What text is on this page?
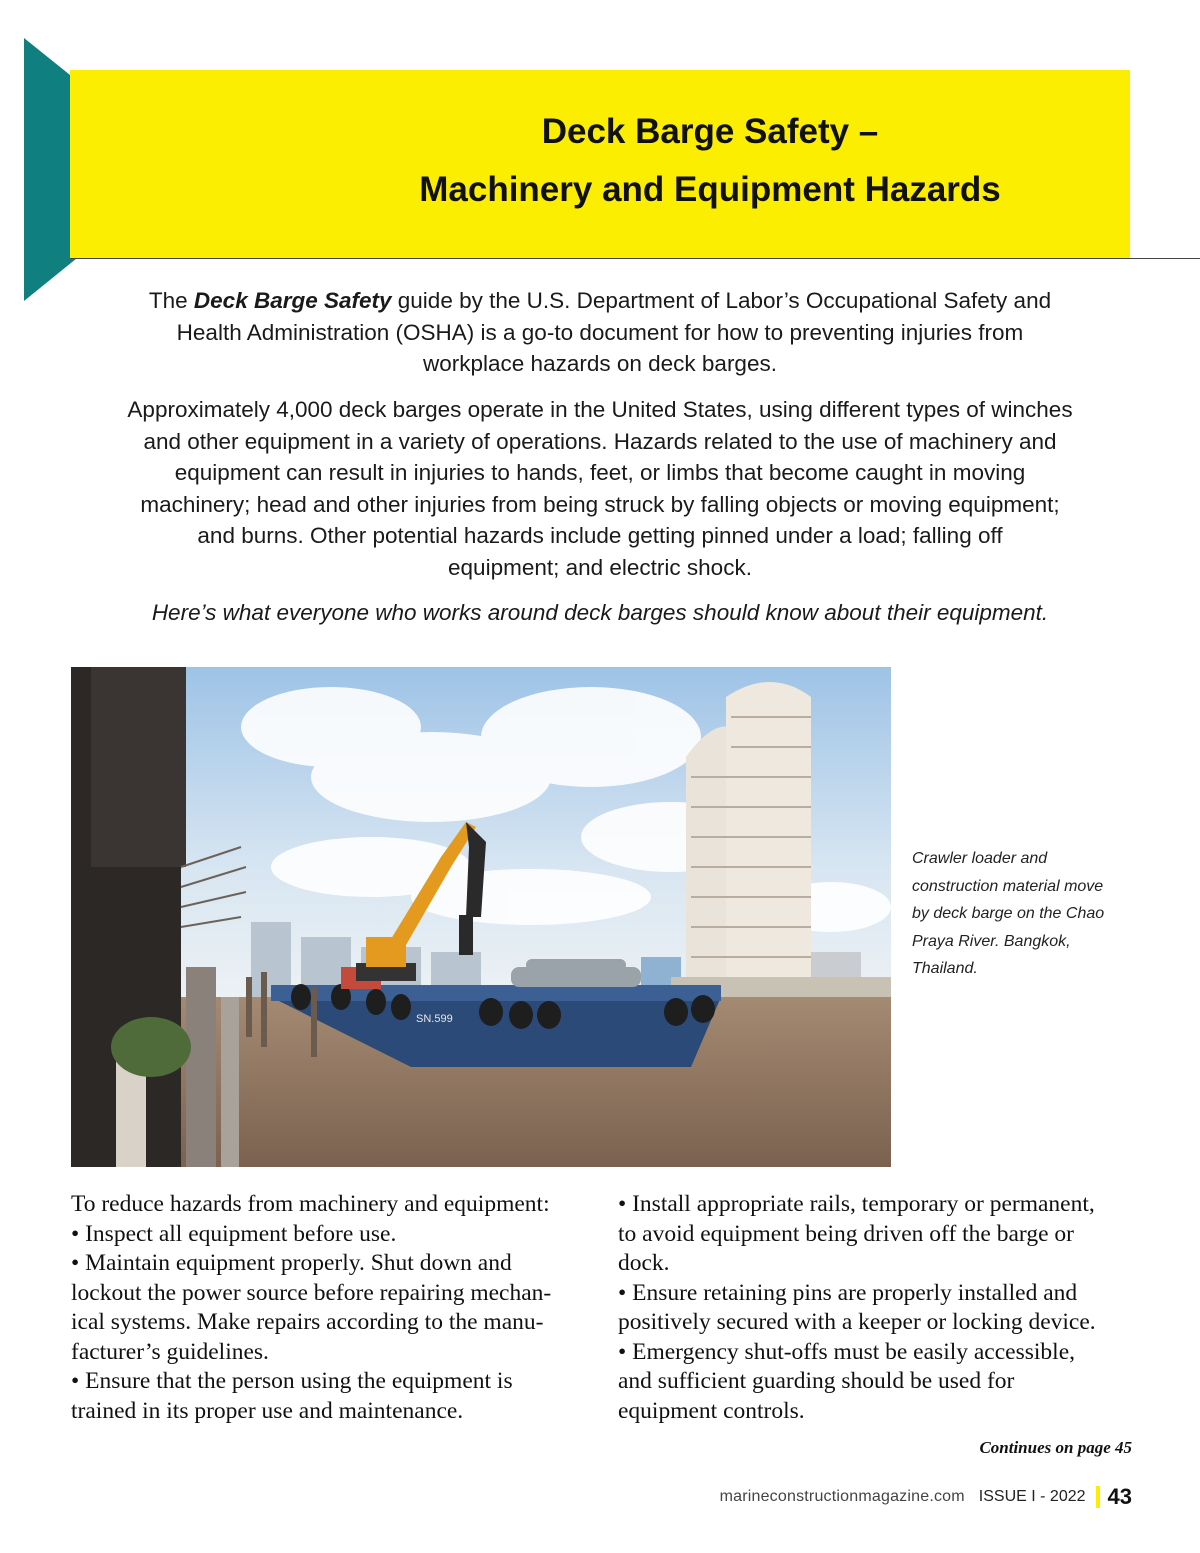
Deck Barge Safety –
Machinery and Equipment Hazards

The Deck Barge Safety guide by the U.S. Department of Labor’s Occupational Safety and

Health Administration (OSHA) is a go-to document for how to preventing injuries from

workplace hazards on deck barges.

Approximately 4,000 deck barges operate in the United States, using different types of winches

and other equipment in a variety of operations. Hazards related to the use of machinery and

equipment can result in injuries to hands, feet, or limbs that become caught in moving

machinery; head and other injuries from being struck by falling objects or moving equipment;

and burns. Other potential hazards include getting pinned under a load; falling off

equipment; and electric shock.

Here’s what everyone who works around deck barges should know about their equipment.

SN.599
Crawler loader and
construction material move
by deck barge on the Chao
Praya River. Bangkok,
Thailand.
To reduce hazards from machinery and equipment:
• Inspect all equipment before use.
• Maintain equipment properly. Shut down and
lockout the power source before repairing mechan-
ical systems. Make repairs according to the manu-
facturer’s guidelines.
• Ensure that the person using the equipment is
trained in its proper use and maintenance.
• Install appropriate rails, temporary or permanent,
to avoid equipment being driven off the barge or
dock.
• Ensure retaining pins are properly installed and
positively secured with a keeper or locking device.
• Emergency shut-offs must be easily accessible,
and sufficient guarding should be used for
equipment controls.
Continues on page 45
marineconstructionmagazine.com ISSUE I - 2022 43
